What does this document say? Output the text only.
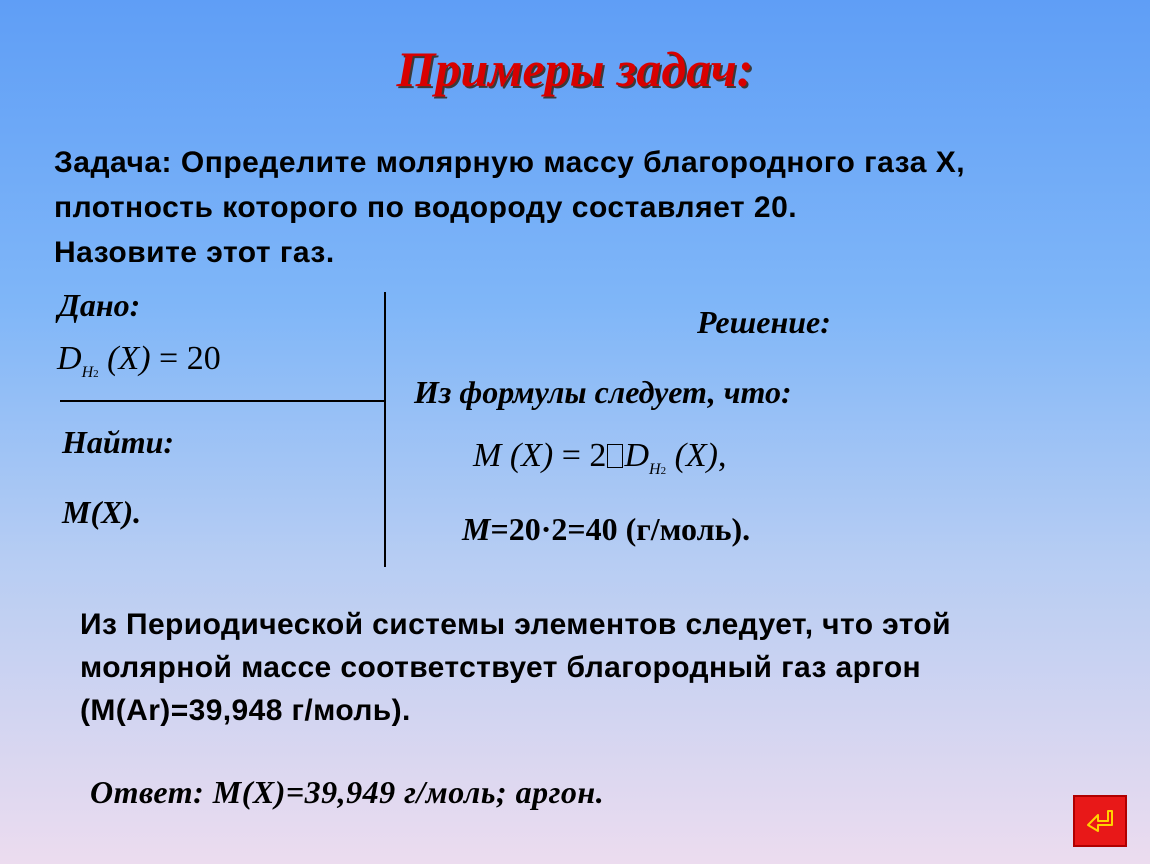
Примеры задач:
Задача: Определите молярную массу благородного газа Х,
плотность которого по водороду составляет 20.
Назовите этот газ.
Дано:
$D_{H2}$ (X) = 20
Найти:
M(X).
Решение:
Из формулы следует, что:
M (X) = 2 $D_{H2}$ (X),
M=20·2=40 (г/моль).
Из Периодической системы элементов следует, что этой
молярной массе соответствует благородный газ аргон
(M(Ar)=39,948 г/моль).
Ответ: M(X)=39,949 г/моль; аргон.
